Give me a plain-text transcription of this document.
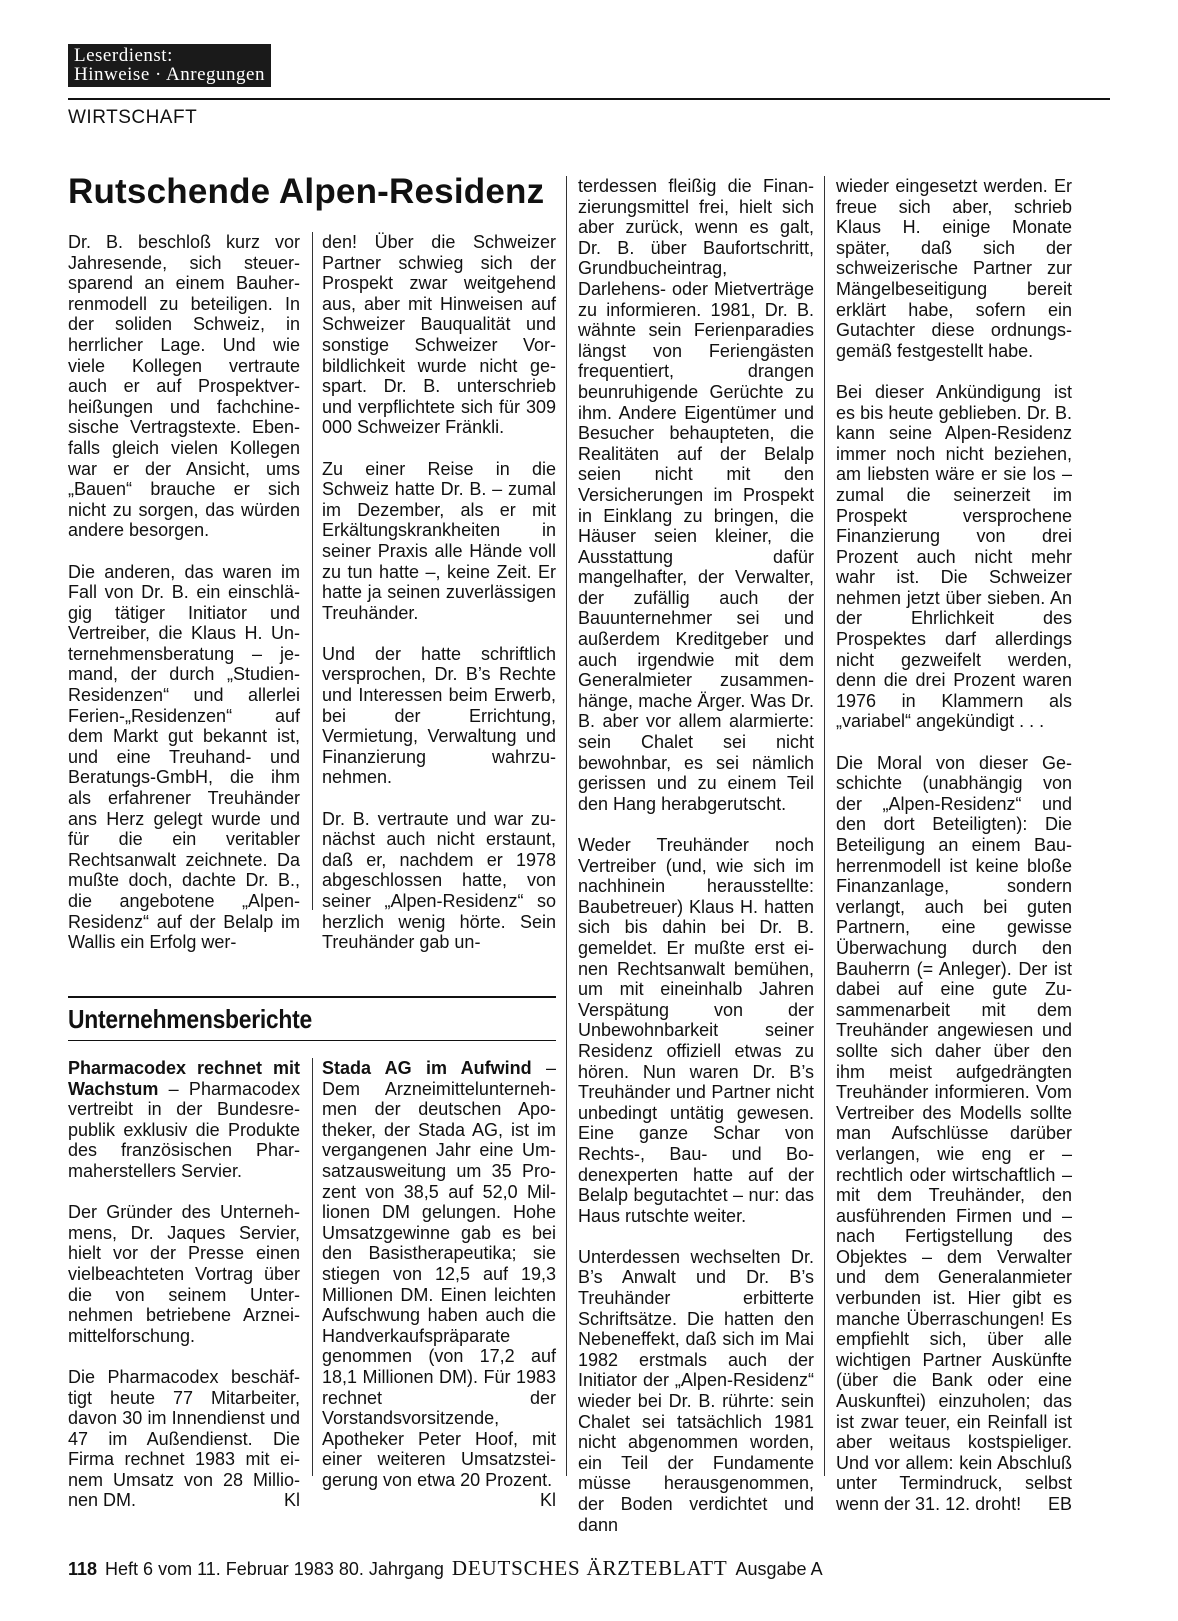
Leserdienst:
Hinweise · Anregungen
WIRTSCHAFT
Rutschende Alpen-Residenz

Dr. B. beschloß kurz vor Jahresende, sich steuersparend an einem Bauherrenmodell zu beteiligen. In der soliden Schweiz, in herrlicher Lage. Und wie viele Kollegen vertraute auch er auf Prospektverheißungen und fachchinesische Vertragstexte. Ebenfalls gleich vielen Kollegen war er der Ansicht, ums „Bauen“ brauche er sich nicht zu sorgen, das würden andere besorgen.

Die anderen, das waren im Fall von Dr. B. ein einschlägig tätiger Initiator und Vertreiber, die Klaus H. Unternehmensberatung – jemand, der durch „Studien-Residenzen“ und allerlei Ferien-„Residenzen“ auf dem Markt gut bekannt ist, und eine Treuhand- und Beratungs-GmbH, die ihm als erfahrener Treuhänder ans Herz gelegt wurde und für die ein veritabler Rechtsanwalt zeichnete. Da mußte doch, dachte Dr. B., die angebotene „Alpen-Residenz“ auf der Belalp im Wallis ein Erfolg wer-

den! Über die Schweizer Partner schwieg sich der Prospekt zwar weitgehend aus, aber mit Hinweisen auf Schweizer Bauqualität und sonstige Schweizer Vorbildlichkeit wurde nicht gespart. Dr. B. unterschrieb und verpflichtete sich für 309 000 Schweizer Fränkli.

Zu einer Reise in die Schweiz hatte Dr. B. – zumal im Dezember, als er mit Erkältungskrankheiten in seiner Praxis alle Hände voll zu tun hatte –, keine Zeit. Er hatte ja seinen zuverlässigen Treuhänder.

Und der hatte schriftlich versprochen, Dr. B’s Rechte und Interessen beim Erwerb, bei der Errichtung, Vermietung, Verwaltung und Finanzierung wahrzunehmen.

Dr. B. vertraute und war zunächst auch nicht erstaunt, daß er, nachdem er 1978 abgeschlossen hatte, von seiner „Alpen-Residenz“ so herzlich wenig hörte. Sein Treuhänder gab un-

terdessen fleißig die Finanzierungsmittel frei, hielt sich aber zurück, wenn es galt, Dr. B. über Baufortschritt, Grundbucheintrag, Darlehens- oder Mietverträge zu informieren. 1981, Dr. B. wähnte sein Ferienparadies längst von Feriengästen frequentiert, drangen beunruhigende Gerüchte zu ihm. Andere Eigentümer und Besucher behaupteten, die Realitäten auf der Belalp seien nicht mit den Versicherungen im Prospekt in Einklang zu bringen, die Häuser seien kleiner, die Ausstattung dafür mangelhafter, der Verwalter, der zufällig auch der Bauunternehmer sei und außerdem Kreditgeber und auch irgendwie mit dem Generalmieter zusammenhänge, mache Ärger. Was Dr. B. aber vor allem alarmierte: sein Chalet sei nicht bewohnbar, es sei nämlich gerissen und zu einem Teil den Hang herabgerutscht.

Weder Treuhänder noch Vertreiber (und, wie sich im nachhinein herausstellte: Baubetreuer) Klaus H. hatten sich bis dahin bei Dr. B. gemeldet. Er mußte erst einen Rechtsanwalt bemühen, um mit eineinhalb Jahren Verspätung von der Unbewohnbarkeit seiner Residenz offiziell etwas zu hören. Nun waren Dr. B’s Treuhänder und Partner nicht unbedingt untätig gewesen. Eine ganze Schar von Rechts-, Bau- und Bodenexperten hatte auf der Belalp begutachtet – nur: das Haus rutschte weiter.

Unterdessen wechselten Dr. B’s Anwalt und Dr. B’s Treuhänder erbitterte Schriftsätze. Die hatten den Nebeneffekt, daß sich im Mai 1982 erstmals auch der Initiator der „Alpen-Residenz“ wieder bei Dr. B. rührte: sein Chalet sei tatsächlich 1981 nicht abgenommen worden, ein Teil der Fundamente müsse herausgenommen, der Boden verdichtet und dann

wieder eingesetzt werden. Er freue sich aber, schrieb Klaus H. einige Monate später, daß sich der schweizerische Partner zur Mängelbeseitigung bereit erklärt habe, sofern ein Gutachter diese ordnungsgemäß festgestellt habe.

Bei dieser Ankündigung ist es bis heute geblieben. Dr. B. kann seine Alpen-Residenz immer noch nicht beziehen, am liebsten wäre er sie los – zumal die seinerzeit im Prospekt versprochene Finanzierung von drei Prozent auch nicht mehr wahr ist. Die Schweizer nehmen jetzt über sieben. An der Ehrlichkeit des Prospektes darf allerdings nicht gezweifelt werden, denn die drei Prozent waren 1976 in Klammern als „variabel“ angekündigt . . .

Die Moral von dieser Geschichte (unabhängig von der „Alpen-Residenz“ und den dort Beteiligten): Die Beteiligung an einem Bauherrenmodell ist keine bloße Finanzanlage, sondern verlangt, auch bei guten Partnern, eine gewisse Überwachung durch den Bauherrn (= Anleger). Der ist dabei auf eine gute Zusammenarbeit mit dem Treuhänder angewiesen und sollte sich daher über den ihm meist aufgedrängten Treuhänder informieren. Vom Vertreiber des Modells sollte man Aufschlüsse darüber verlangen, wie eng er – rechtlich oder wirtschaftlich – mit dem Treuhänder, den ausführenden Firmen und – nach Fertigstellung des Objektes – dem Verwalter und dem Generalanmieter verbunden ist. Hier gibt es manche Überraschungen! Es empfiehlt sich, über alle wichtigen Partner Auskünfte (über die Bank oder eine Auskunftei) einzuholen; das ist zwar teuer, ein Reinfall ist aber weitaus kostspieliger. Und vor allem: kein Abschluß unter Termindruck, selbst wenn der 31. 12. droht! EB

Unternehmensberichte

Pharmacodex rechnet mit Wachstum – Pharmacodex vertreibt in der Bundesrepublik exklusiv die Produkte des französischen Pharmaherstellers Servier.

Der Gründer des Unternehmens, Dr. Jaques Servier, hielt vor der Presse einen vielbeachteten Vortrag über die von seinem Unternehmen betriebene Arzneimittelforschung.

Die Pharmacodex beschäftigt heute 77 Mitarbeiter, davon 30 im Innendienst und 47 im Außendienst. Die Firma rechnet 1983 mit einem Umsatz von 28 Millionen DM.	Kl

Stada AG im Aufwind – Dem Arzneimittelunternehmen der deutschen Apotheker, der Stada AG, ist im vergangenen Jahr eine Umsatzausweitung um 35 Prozent von 38,5 auf 52,0 Millionen DM gelungen. Hohe Umsatzgewinne gab es bei den Basistherapeutika; sie stiegen von 12,5 auf 19,3 Millionen DM. Einen leichten Aufschwung haben auch die Handverkaufspräparate genommen (von 17,2 auf 18,1 Millionen DM). Für 1983 rechnet der Vorstandsvorsitzende, Apotheker Peter Hoof, mit einer weiteren Umsatzsteigerung von etwa 20 Prozent.
Kl

118 Heft 6 vom 11. Februar 1983 80. Jahrgang DEUTSCHES ÄRZTEBLATT Ausgabe A
